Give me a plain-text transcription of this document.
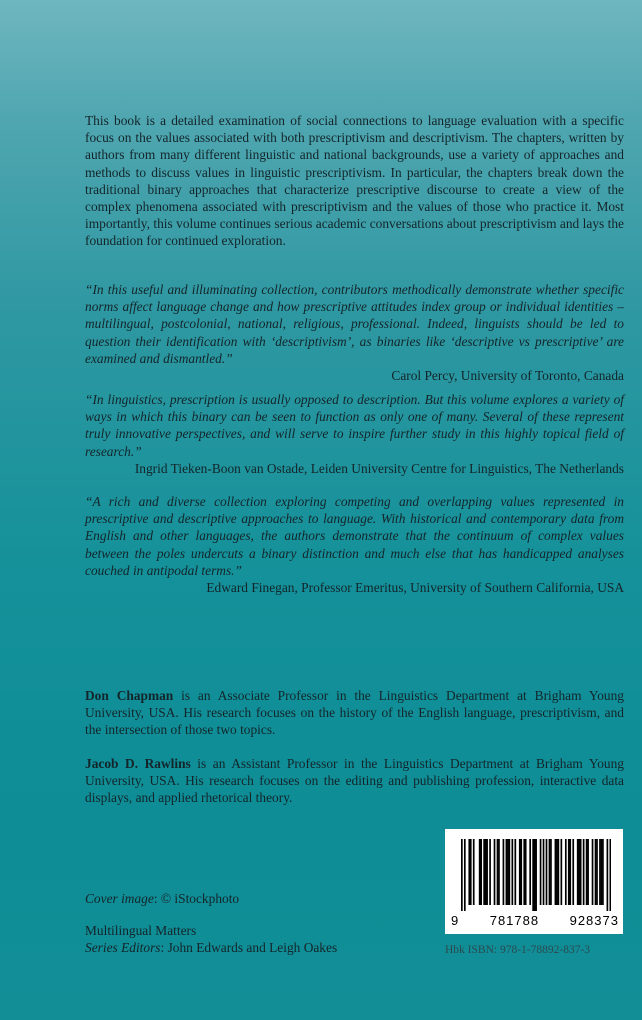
This book is a detailed examination of social connections to language evaluation with a specific focus on the values associated with both prescriptivism and descriptivism. The chapters, written by authors from many different linguistic and national backgrounds, use a variety of approaches and methods to discuss values in linguistic prescriptivism. In particular, the chapters break down the traditional binary approaches that characterize prescriptive discourse to create a view of the complex phenomena associated with prescriptivism and the values of those who practice it. Most importantly, this volume continues serious academic conversations about prescriptivism and lays the foundation for continued exploration.

“In this useful and illuminating collection, contributors methodically demonstrate whether specific norms affect language change and how prescriptive attitudes index group or individual identities – multilingual, postcolonial, national, religious, professional. Indeed, linguists should be led to question their identification with ‘descriptivism’, as binaries like ‘descriptive vs prescriptive’ are examined and dismantled.”
Carol Percy, University of Toronto, Canada
“In linguistics, prescription is usually opposed to description. But this volume explores a variety of ways in which this binary can be seen to function as only one of many. Several of these represent truly innovative perspectives, and will serve to inspire further study in this highly topical field of research.”
Ingrid Tieken-Boon van Ostade, Leiden University Centre for Linguistics, The Netherlands
“A rich and diverse collection exploring competing and overlapping values represented in prescriptive and descriptive approaches to language. With historical and contemporary data from English and other languages, the authors demonstrate that the continuum of complex values between the poles undercuts a binary distinction and much else that has handicapped analyses couched in antipodal terms.”
Edward Finegan, Professor Emeritus, University of Southern California, USA

Don Chapman is an Associate Professor in the Linguistics Department at Brigham Young University, USA. His research focuses on the history of the English language, prescriptivism, and the intersection of those two topics.

Jacob D. Rawlins is an Assistant Professor in the Linguistics Department at Brigham Young University, USA. His research focuses on the editing and publishing profession, interactive data displays, and applied rhetorical theory.

Cover image: © iStockphoto

Multilingual Matters
Series Editors: John Edwards and Leigh Oakes

9 781788 928373
Hbk ISBN: 978-1-78892-837-3
